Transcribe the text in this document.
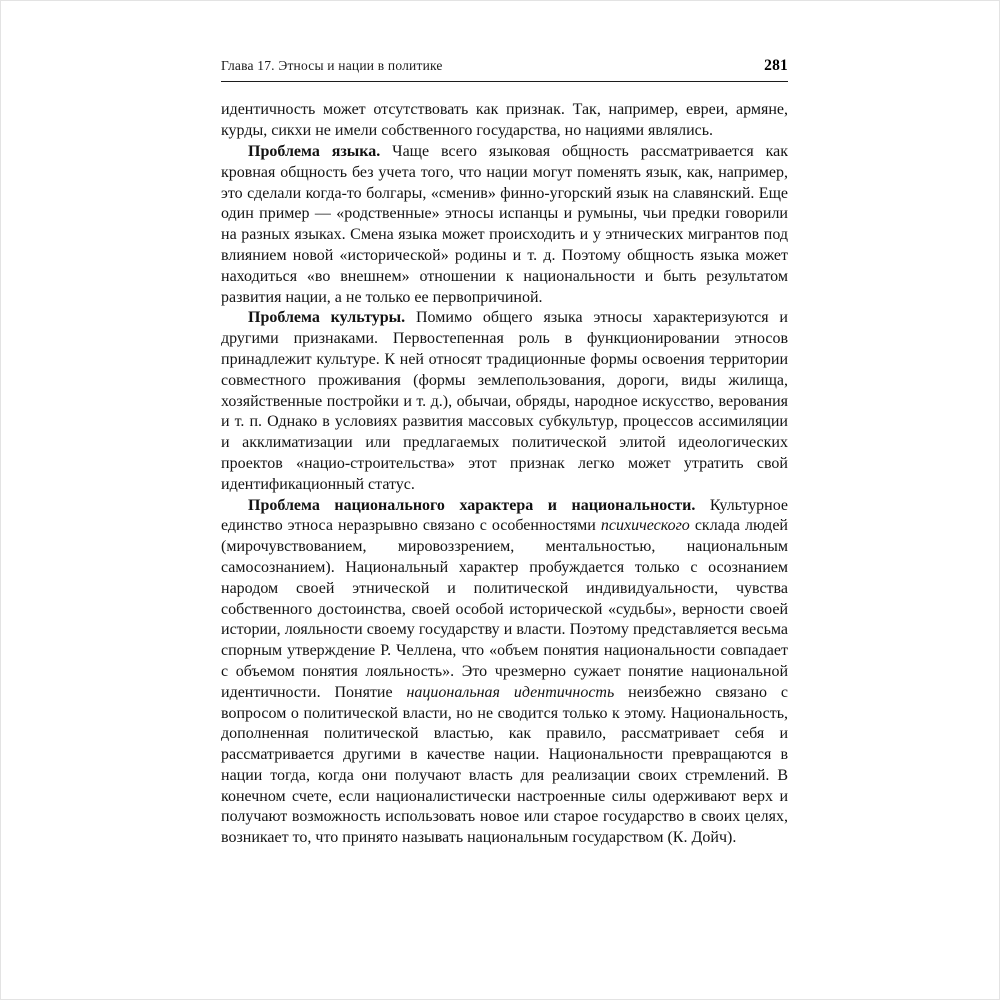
Глава 17. Этносы и нации в политике	281

идентичность может отсутствовать как признак. Так, например, евреи, армяне, курды, сикхи не имели собственного государства, но нациями являлись.

Проблема языка. Чаще всего языковая общность рассматривается как кровная общность без учета того, что нации могут поменять язык, как, например, это сделали когда-то болгары, «сменив» финно-угорский язык на славянский. Еще один пример — «родственные» этносы испанцы и румыны, чьи предки говорили на разных языках. Смена языка может происходить и у этнических мигрантов под влиянием новой «исторической» родины и т. д. Поэтому общность языка может находиться «во внешнем» отношении к национальности и быть результатом развития нации, а не только ее первопричиной.

Проблема культуры. Помимо общего языка этносы характеризуются и другими признаками. Первостепенная роль в функционировании этносов принадлежит культуре. К ней относят традиционные формы освоения территории совместного проживания (формы землепользования, дороги, виды жилища, хозяйственные постройки и т. д.), обычаи, обряды, народное искусство, верования и т. п. Однако в условиях развития массовых субкультур, процессов ассимиляции и акклиматизации или предлагаемых политической элитой идеологических проектов «нацио-строительства» этот признак легко может утратить свой идентификационный статус.

Проблема национального характера и национальности. Культурное единство этноса неразрывно связано с особенностями психического склада людей (мирочувствованием, мировоззрением, ментальностью, национальным самосознанием). Национальный характер пробуждается только с осознанием народом своей этнической и политической индивидуальности, чувства собственного достоинства, своей особой исторической «судьбы», верности своей истории, лояльности своему государству и власти. Поэтому представляется весьма спорным утверждение Р. Челлена, что «объем понятия национальности совпадает с объемом понятия лояльность». Это чрезмерно сужает понятие национальной идентичности. Понятие национальная идентичность неизбежно связано с вопросом о политической власти, но не сводится только к этому. Национальность, дополненная политической властью, как правило, рассматривает себя и рассматривается другими в качестве нации. Национальности превращаются в нации тогда, когда они получают власть для реализации своих стремлений. В конечном счете, если националистически настроенные силы одерживают верх и получают возможность использовать новое или старое государство в своих целях, возникает то, что принято называть национальным государством (К. Дойч).
